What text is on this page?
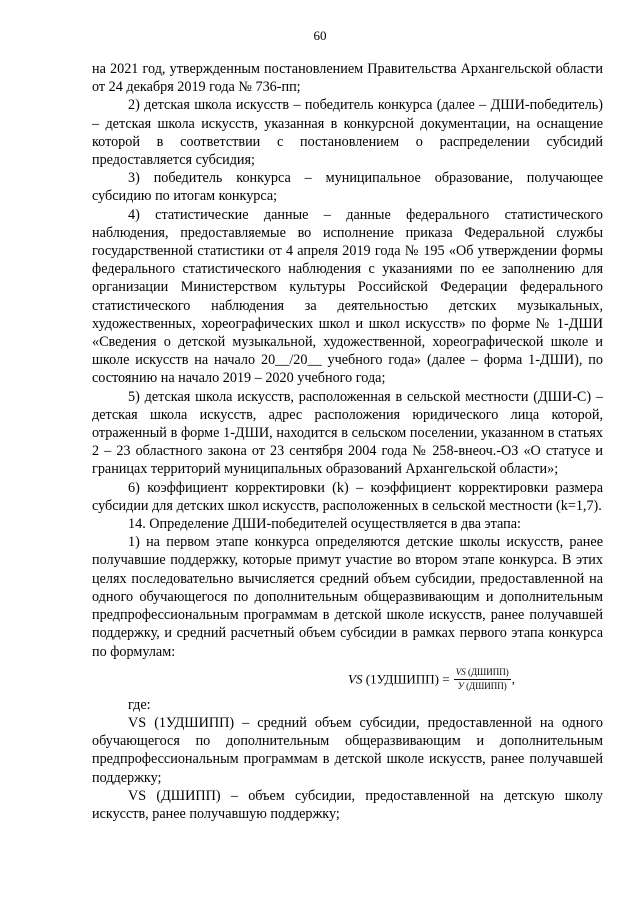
60

на 2021 год, утвержденным постановлением Правительства Архангельской области от 24 декабря 2019 года № 736-пп;

2) детская школа искусств – победитель конкурса (далее – ДШИ-победитель) – детская школа искусств, указанная в конкурсной документации, на оснащение которой в соответствии с постановлением о распределении субсидий предоставляется субсидия;

3) победитель конкурса – муниципальное образование, получающее субсидию по итогам конкурса;

4) статистические данные – данные федерального статистического наблюдения, предоставляемые во исполнение приказа Федеральной службы государственной статистики от 4 апреля 2019 года № 195 «Об утверждении формы федерального статистического наблюдения с указаниями по ее заполнению для организации Министерством культуры Российской Федерации федерального статистического наблюдения за деятельностью детских музыкальных, художественных, хореографических школ и школ искусств» по форме № 1-ДШИ «Сведения о детской музыкальной, художественной, хореографической школе и школе искусств на начало 20__/20__ учебного года» (далее – форма 1-ДШИ), по состоянию на начало 2019 – 2020 учебного года;

5) детская школа искусств, расположенная в сельской местности (ДШИ-С) – детская школа искусств, адрес расположения юридического лица которой, отраженный в форме 1-ДШИ, находится в сельском поселении, указанном в статьях 2 – 23 областного закона от 23 сентября 2004 года № 258-внеоч.-ОЗ «О статусе и границах территорий муниципальных образований Архангельской области»;

6) коэффициент корректировки (k) – коэффициент корректировки размера субсидии для детских школ искусств, расположенных в сельской местности (k=1,7).

14. Определение ДШИ-победителей осуществляется в два этапа:

1) на первом этапе конкурса определяются детские школы искусств, ранее получавшие поддержку, которые примут участие во втором этапе конкурса. В этих целях последовательно вычисляется средний объем субсидии, предоставленной на одного обучающегося по дополнительным общеразвивающим и дополнительным предпрофессиональным программам в детской школе искусств, ранее получавшей поддержку, и средний расчетный объем субсидии в рамках первого этапа конкурса по формулам:

VS (1УДШИПП) = $\frac{\text{VS (ДШИПП)}}{\text{У (ДШИПП)}}$ ,

где:

VS (1УДШИПП) – средний объем субсидии, предоставленной на одного обучающегося по дополнительным общеразвивающим и дополнительным предпрофессиональным программам в детской школе искусств, ранее получавшей поддержку;

VS (ДШИПП) – объем субсидии, предоставленной на детскую школу искусств, ранее получавшую поддержку;
